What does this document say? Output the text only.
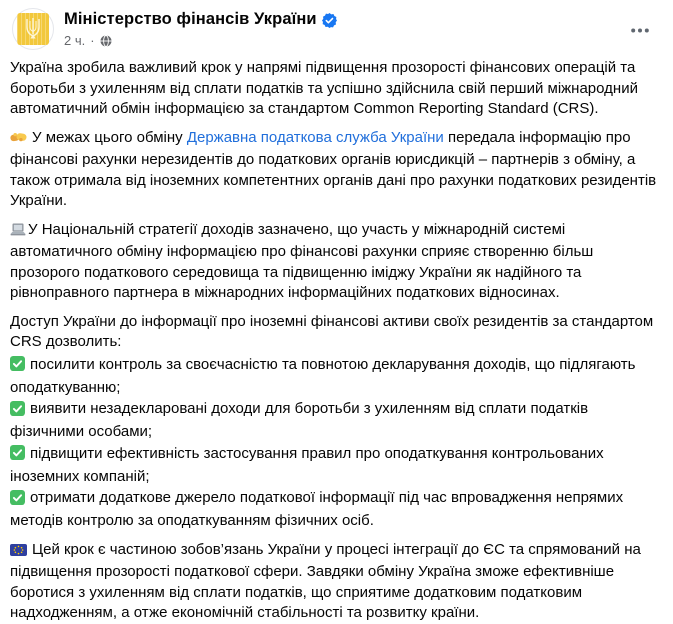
Міністерство фінансів України
2 ч. ·

Україна зробила важливий крок у напрямі підвищення прозорості фінансових операцій та боротьби з ухиленням від сплати податків та успішно здійснила свій перший міжнародний автоматичний обмін інформацією за стандартом Common Reporting Standard (CRS).

У межах цього обміну Державна податкова служба України передала інформацію про фінансові рахунки нерезидентів до податкових органів юрисдикцій – партнерів з обміну, а також отримала від іноземних компетентних органів дані про рахунки податкових резидентів України.

У Національній стратегії доходів зазначено, що участь у міжнародній системі автоматичного обміну інформацією про фінансові рахунки сприяє створенню більш прозорого податкового середовища та підвищенню іміджу України як надійного та рівноправного партнера в міжнародних інформаційних податкових відносинах.

Доступ України до інформації про іноземні фінансові активи своїх резидентів за стандартом CRS дозволить:

посилити контроль за своєчасністю та повнотою декларування доходів, що підлягають оподаткуванню;
виявити незадекларовані доходи для боротьби з ухиленням від сплати податків фізичними особами;
підвищити ефективність застосування правил про оподаткування контрольованих іноземних компаній;
отримати додаткове джерело податкової інформації під час впровадження непрямих методів контролю за оподаткуванням фізичних осіб.

Цей крок є частиною зобов’язань України у процесі інтеграції до ЄС та спрямований на підвищення прозорості податкової сфери. Завдяки обміну Україна зможе ефективніше боротися з ухиленням від сплати податків, що сприятиме додатковим податковим надходженням, а отже економічній стабільності та розвитку країни.
